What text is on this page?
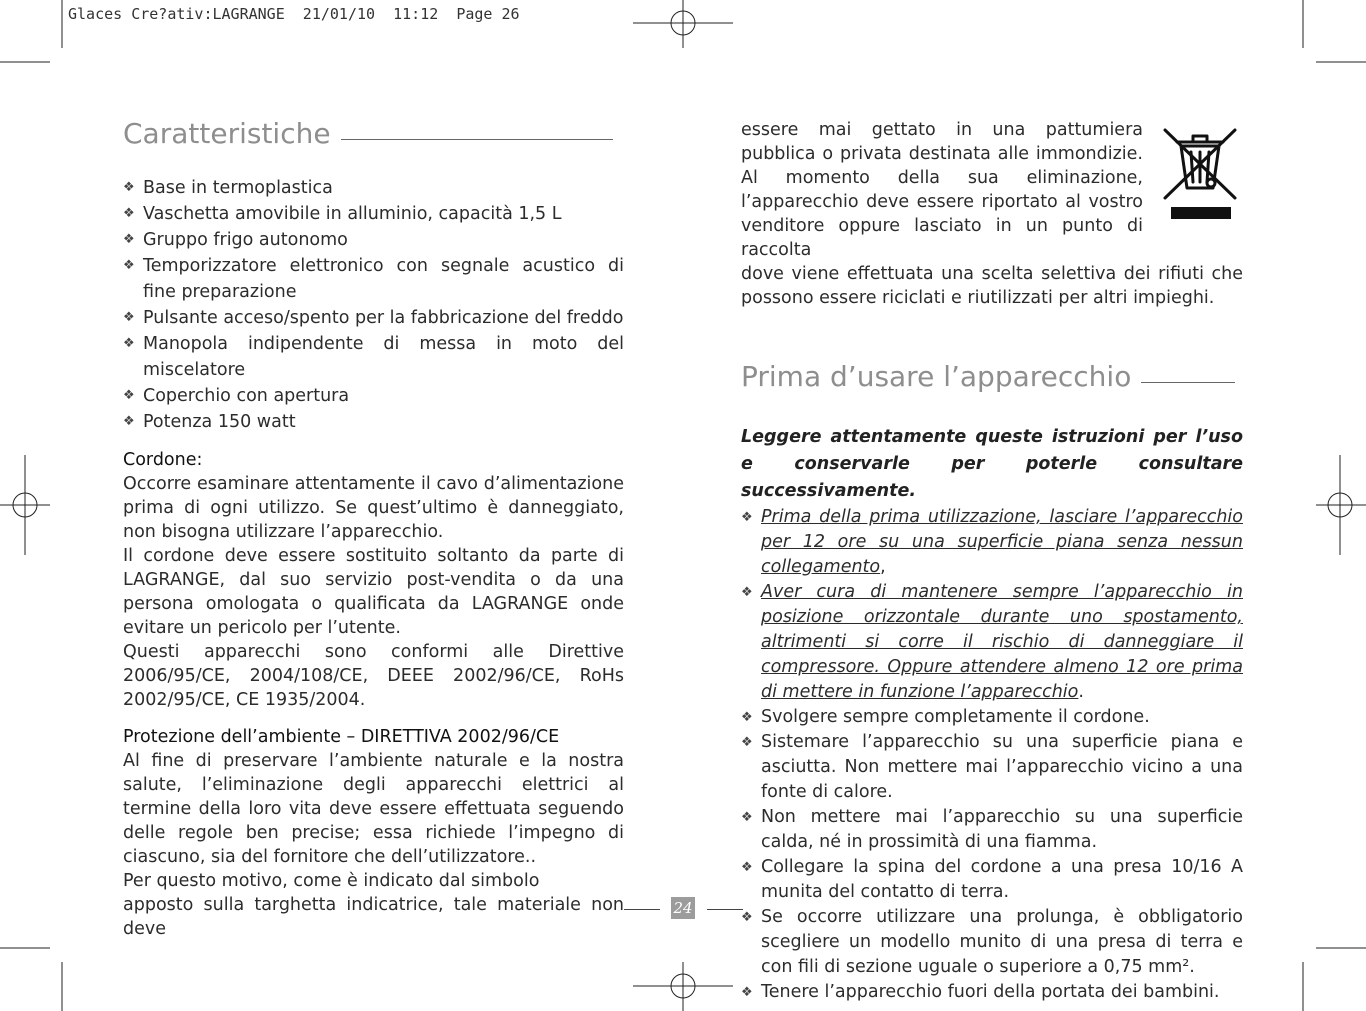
Glaces Cre?ativ:LAGRANGE  21/01/10  11:12  Page 26
Caratteristiche
❖ Base in termoplastica
❖ Vaschetta amovibile in alluminio, capacità 1,5 L
❖ Gruppo frigo autonomo
❖ Temporizzatore elettronico con segnale acustico di fine preparazione
❖ Pulsante acceso/spento per la fabbricazione del freddo
❖ Manopola indipendente di messa in moto del miscelatore
❖ Coperchio con apertura
❖ Potenza 150 watt
Cordone:

Occorre esaminare attentamente il cavo d’alimentazione prima di ogni utilizzo. Se quest’ultimo è danneggiato, non bisogna utilizzare l’apparecchio.

Il cordone deve essere sostituito soltanto da parte di LAGRANGE, dal suo servizio post-vendita o da una persona omologata o qualificata da LAGRANGE onde evitare un pericolo per l’utente.

Questi apparecchi sono conformi alle Direttive 2006/95/CE, 2004/108/CE, DEEE 2002/96/CE, RoHs 2002/95/CE, CE 1935/2004.

Protezione dell’ambiente – DIRETTIVA 2002/96/CE

Al fine di preservare l’ambiente naturale e la nostra salute, l’eliminazione degli apparecchi elettrici al termine della loro vita deve essere effettuata seguendo delle regole ben precise; essa richiede l’impegno di ciascuno, sia del fornitore che dell’utilizzatore..

Per questo motivo, come è indicato dal simbolo

apposto sulla targhetta indicatrice, tale materiale non deve

essere mai gettato in una pattumiera pubblica o privata destinata alle immondizie.

Al momento della sua eliminazione, l’apparecchio deve essere riportato al vostro venditore oppure lasciato in un punto di raccolta

dove viene effettuata una scelta selettiva dei rifiuti che possono essere riciclati e riutilizzati per altri impieghi.

Prima d’usare l’apparecchio
Leggere attentamente queste istruzioni per l’uso e conservarle per poterle consultare successivamente.
❖ Prima della prima utilizzazione, lasciare l’apparecchio per 12 ore su una superficie piana senza nessun collegamento,
❖ Aver cura di mantenere sempre l’apparecchio in posizione orizzontale durante uno spostamento, altrimenti si corre il rischio di danneggiare il compressore. Oppure attendere almeno 12 ore prima di mettere in funzione l’apparecchio.
❖ Svolgere sempre completamente il cordone.
❖ Sistemare l’apparecchio su una superficie piana e asciutta. Non mettere mai l’apparecchio vicino a una fonte di calore.
❖ Non mettere mai l’apparecchio su una superficie calda, né in prossimità di una fiamma.
❖ Collegare la spina del cordone a una presa 10/16 A munita del contatto di terra.
❖ Se occorre utilizzare una prolunga, è obbligatorio scegliere un modello munito di una presa di terra e con fili di sezione uguale o superiore a 0,75 mm².
❖ Tenere l’apparecchio fuori della portata dei bambini.
24
